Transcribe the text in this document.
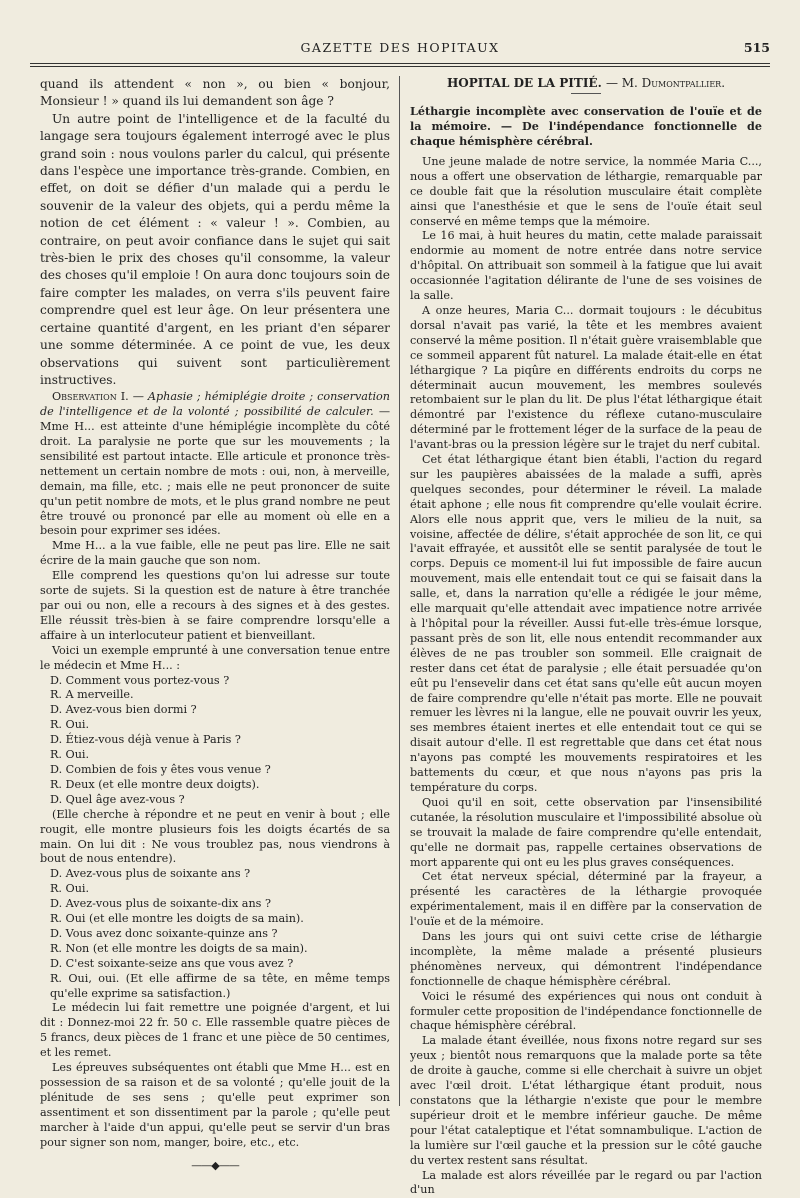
GAZETTE DES HOPITAUX	515

quand ils attendent « non », ou bien « bonjour, Monsieur ! » quand ils lui demandent son âge ?

Un autre point de l'intelligence et de la faculté du langage sera toujours également interrogé avec le plus grand soin : nous voulons parler du calcul, qui présente dans l'espèce une importance très-grande. Combien, en effet, on doit se défier d'un malade qui a perdu le souvenir de la valeur des objets, qui a perdu même la notion de cet élément : « valeur ! ». Combien, au contraire, on peut avoir confiance dans le sujet qui sait très-bien le prix des choses qu'il consomme, la valeur des choses qu'il emploie ! On aura donc toujours soin de faire compter les malades, on verra s'ils peuvent faire comprendre quel est leur âge. On leur présentera une certaine quantité d'argent, en les priant d'en séparer une somme déterminée. A ce point de vue, les deux observations qui suivent sont particulièrement instructives.

Observation I. — Aphasie ; hémiplégie droite ; conservation de l'intelligence et de la volonté ; possibilité de calculer. — Mme H... est atteinte d'une hémiplégie incomplète du côté droit. La paralysie ne porte que sur les mouvements ; la sensibilité est partout intacte. Elle articule et prononce très-nettement un certain nombre de mots : oui, non, à merveille, demain, ma fille, etc. ; mais elle ne peut prononcer de suite qu'un petit nombre de mots, et le plus grand nombre ne peut être trouvé ou prononcé par elle au moment où elle en a besoin pour exprimer ses idées.

Mme H... a la vue faible, elle ne peut pas lire. Elle ne sait écrire de la main gauche que son nom.

Elle comprend les questions qu'on lui adresse sur toute sorte de sujets. Si la question est de nature à être tranchée par oui ou non, elle a recours à des signes et à des gestes. Elle réussit très-bien à se faire comprendre lorsqu'elle a affaire à un interlocuteur patient et bienveillant.

Voici un exemple emprunté à une conversation tenue entre le médecin et Mme H... :

D. Comment vous portez-vous ?

R. A merveille.

D. Avez-vous bien dormi ?

R. Oui.

D. Étiez-vous déjà venue à Paris ?

R. Oui.

D. Combien de fois y êtes vous venue ?

R. Deux (et elle montre deux doigts).

D. Quel âge avez-vous ?

(Elle cherche à répondre et ne peut en venir à bout ; elle rougit, elle montre plusieurs fois les doigts écartés de sa main. On lui dit : Ne vous troublez pas, nous viendrons à bout de nous entendre).

D. Avez-vous plus de soixante ans ?

R. Oui.

D. Avez-vous plus de soixante-dix ans ?

R. Oui (et elle montre les doigts de sa main).

D. Vous avez donc soixante-quinze ans ?

R. Non (et elle montre les doigts de sa main).

D. C'est soixante-seize ans que vous avez ?

R. Oui, oui. (Et elle affirme de sa tête, en même temps qu'elle exprime sa satisfaction.)

Le médecin lui fait remettre une poignée d'argent, et lui dit : Donnez-moi 22 fr. 50 c. Elle rassemble quatre pièces de 5 francs, deux pièces de 1 franc et une pièce de 50 centimes, et les remet.

Les épreuves subséquentes ont établi que Mme H... est en possession de sa raison et de sa volonté ; qu'elle jouit de la plénitude de ses sens ; qu'elle peut exprimer son assentiment et son dissentiment par la parole ; qu'elle peut marcher à l'aide d'un appui, qu'elle peut se servir d'un bras pour signer son nom, manger, boire, etc., etc.

——◆——

HOPITAL DE LA PITIÉ. — M. Dumontpallier.

Léthargie incomplète avec conservation de l'ouïe et de la mémoire. — De l'indépendance fonctionnelle de chaque hémisphère cérébral.

Une jeune malade de notre service, la nommée Maria C..., nous a offert une observation de léthargie, remarquable par ce double fait que la résolution musculaire était complète ainsi que l'anesthésie et que le sens de l'ouïe était seul conservé en même temps que la mémoire.

Le 16 mai, à huit heures du matin, cette malade paraissait endormie au moment de notre entrée dans notre service d'hôpital. On attribuait son sommeil à la fatigue que lui avait occasionnée l'agitation délirante de l'une de ses voisines de la salle.

A onze heures, Maria C... dormait toujours : le décubitus dorsal n'avait pas varié, la tête et les membres avaient conservé la même position. Il n'était guère vraisemblable que ce sommeil apparent fût naturel. La malade était-elle en état léthargique ? La piqûre en différents endroits du corps ne déterminait aucun mouvement, les membres soulevés retombaient sur le plan du lit. De plus l'état léthargique était démontré par l'existence du réflexe cutano-musculaire déterminé par le frottement léger de la surface de la peau de l'avant-bras ou la pression légère sur le trajet du nerf cubital.

Cet état léthargique étant bien établi, l'action du regard sur les paupières abaissées de la malade a suffi, après quelques secondes, pour déterminer le réveil. La malade était aphone ; elle nous fit comprendre qu'elle voulait écrire. Alors elle nous apprit que, vers le milieu de la nuit, sa voisine, affectée de délire, s'était approchée de son lit, ce qui l'avait effrayée, et aussitôt elle se sentit paralysée de tout le corps. Depuis ce moment-il lui fut impossible de faire aucun mouvement, mais elle entendait tout ce qui se faisait dans la salle, et, dans la narration qu'elle a rédigée le jour même, elle marquait qu'elle attendait avec impatience notre arrivée à l'hôpital pour la réveiller. Aussi fut-elle très-émue lorsque, passant près de son lit, elle nous entendit recommander aux élèves de ne pas troubler son sommeil. Elle craignait de rester dans cet état de paralysie ; elle était persuadée qu'on eût pu l'ensevelir dans cet état sans qu'elle eût aucun moyen de faire comprendre qu'elle n'était pas morte. Elle ne pouvait remuer les lèvres ni la langue, elle ne pouvait ouvrir les yeux, ses membres étaient inertes et elle entendait tout ce qui se disait autour d'elle. Il est regrettable que dans cet état nous n'ayons pas compté les mouvements respiratoires et les battements du cœur, et que nous n'ayons pas pris la température du corps.

Quoi qu'il en soit, cette observation par l'insensibilité cutanée, la résolution musculaire et l'impossibilité absolue où se trouvait la malade de faire comprendre qu'elle entendait, qu'elle ne dormait pas, rappelle certaines observations de mort apparente qui ont eu les plus graves conséquences.

Cet état nerveux spécial, déterminé par la frayeur, a présenté les caractères de la léthargie provoquée expérimentalement, mais il en diffère par la conservation de l'ouïe et de la mémoire.

Dans les jours qui ont suivi cette crise de léthargie incomplète, la même malade a présenté plusieurs phénomènes nerveux, qui démontrent l'indépendance fonctionnelle de chaque hémisphère cérébral.

Voici le résumé des expériences qui nous ont conduit à formuler cette proposition de l'indépendance fonctionnelle de chaque hémisphère cérébral.

La malade étant éveillée, nous fixons notre regard sur ses yeux ; bientôt nous remarquons que la malade porte sa tête de droite à gauche, comme si elle cherchait à suivre un objet avec l'œil droit. L'état léthargique étant produit, nous constatons que la léthargie n'existe que pour le membre supérieur droit et le membre inférieur gauche. De même pour l'état cataleptique et l'état somnambulique. L'action de la lumière sur l'œil gauche et la pression sur le côté gauche du vertex restent sans résultat.

La malade est alors réveillée par le regard ou par l'action d'un
